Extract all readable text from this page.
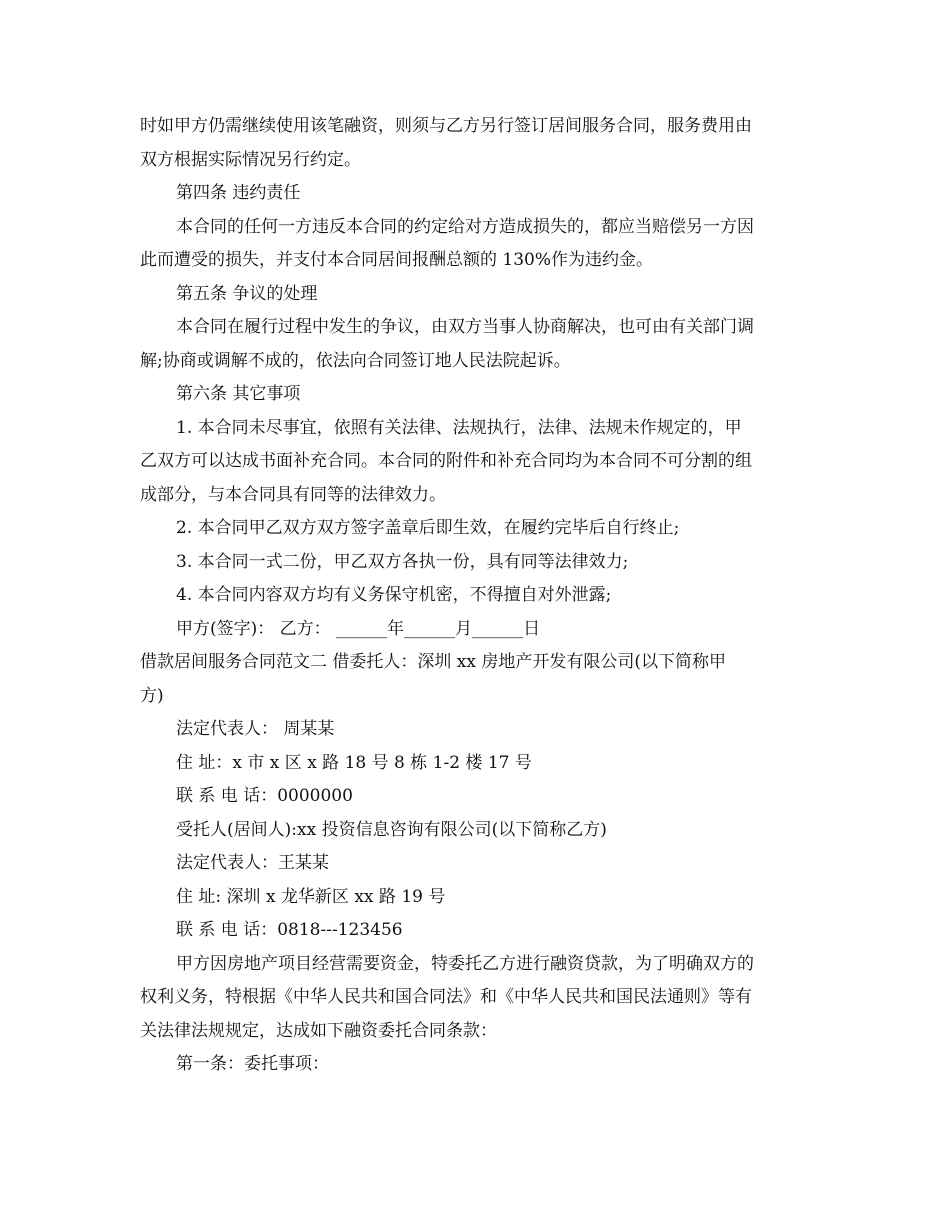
时如甲方仍需继续使用该笔融资，则须与乙方另行签订居间服务合同，服务费用由
双方根据实际情况另行约定。
第四条 违约责任
本合同的任何一方违反本合同的约定给对方造成损失的，都应当赔偿另一方因
此而遭受的损失，并支付本合同居间报酬总额的 130%作为违约金。
第五条 争议的处理
本合同在履行过程中发生的争议，由双方当事人协商解决，也可由有关部门调
解;协商或调解不成的，依法向合同签订地人民法院起诉。
第六条 其它事项
1. 本合同未尽事宜，依照有关法律、法规执行，法律、法规未作规定的，甲
乙双方可以达成书面补充合同。本合同的附件和补充合同均为本合同不可分割的组
成部分，与本合同具有同等的法律效力。
2. 本合同甲乙双方双方签字盖章后即生效，在履约完毕后自行终止;
3. 本合同一式二份，甲乙双方各执一份，具有同等法律效力;
4. 本合同内容双方均有义务保守机密，不得擅自对外泄露;
甲方(签字)： 乙方： ______年______月______日
借款居间服务合同范文二 借委托人：深圳 xx 房地产开发有限公司(以下简称甲
方)
法定代表人： 周某某
住 址：x 市 x 区 x 路 18 号 8 栋 1-2 楼 17 号
联 系 电 话：0000000
受托人(居间人):xx 投资信息咨询有限公司(以下简称乙方)
法定代表人：王某某
住 址: 深圳 x 龙华新区 xx 路 19 号
联 系 电 话：0818---123456
甲方因房地产项目经营需要资金，特委托乙方进行融资贷款，为了明确双方的
权利义务，特根据《中华人民共和国合同法》和《中华人民共和国民法通则》等有
关法律法规规定，达成如下融资委托合同条款：
第一条：委托事项：
